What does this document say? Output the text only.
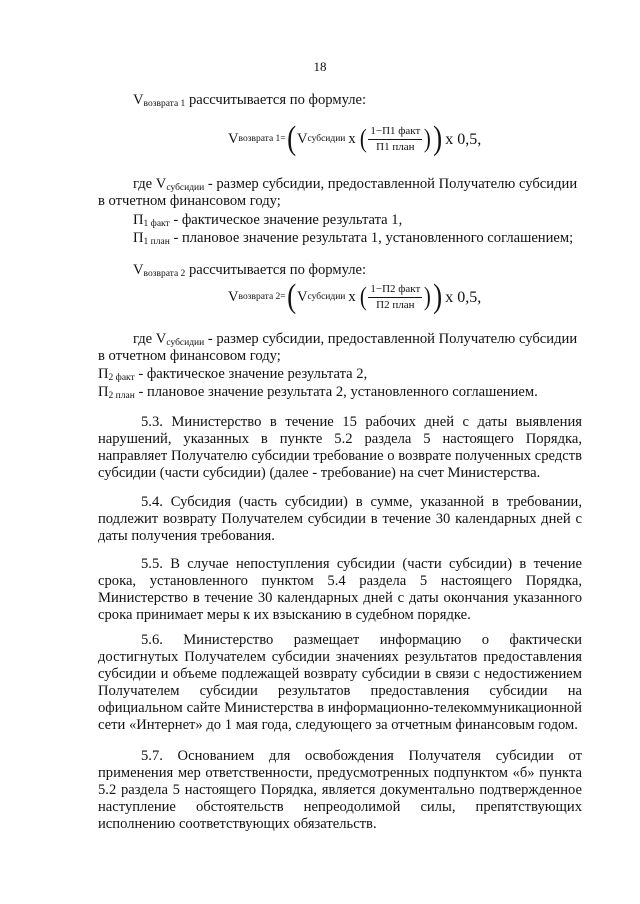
18
$V_{возврата 1}$ рассчитывается по формуле:
V возврата 1= ( V субсидии x ( $\frac{\text{1−П1 факт}}{\text{П1 план}}$ ) ) x 0,5,
где $V_{субсидии}$ - размер субсидии, предоставленной Получателю субсидии
в отчетном финансовом году;
$П_{1 факт}$ - фактическое значение результата 1,
$П_{1 план}$ - плановое значение результата 1, установленного соглашением;
$V_{возврата 2}$ рассчитывается по формуле:
V возврата 2= ( V субсидии x ( $\frac{\text{1−П2 факт}}{\text{П2 план}}$ ) ) x 0,5,
где $V_{субсидии}$ - размер субсидии, предоставленной Получателю субсидии
в отчетном финансовом году;
$П_{2 факт}$ - фактическое значение результата 2,
$П_{2 план}$ - плановое значение результата 2, установленного соглашением.
5.3. Министерство в течение 15 рабочих дней с даты выявления
нарушений, указанных в пункте 5.2 раздела 5 настоящего Порядка,
направляет Получателю субсидии требование о возврате полученных средств
субсидии (части субсидии) (далее - требование) на счет Министерства.
5.4. Субсидия (часть субсидии) в сумме, указанной в требовании,
подлежит возврату Получателем субсидии в течение 30 календарных дней с
даты получения требования.
5.5. В случае непоступления субсидии (части субсидии) в течение
срока, установленного пунктом 5.4 раздела 5 настоящего Порядка,
Министерство в течение 30 календарных дней с даты окончания указанного
срока принимает меры к их взысканию в судебном порядке.
5.6. Министерство размещает информацию о фактически
достигнутых Получателем субсидии значениях результатов предоставления
субсидии и объеме подлежащей возврату субсидии в связи с недостижением
Получателем субсидии результатов предоставления субсидии на
официальном сайте Министерства в информационно-телекоммуникационной
сети «Интернет» до 1 мая года, следующего за отчетным финансовым годом.
5.7. Основанием для освобождения Получателя субсидии от
применения мер ответственности, предусмотренных подпунктом «б» пункта
5.2 раздела 5 настоящего Порядка, является документально подтвержденное
наступление обстоятельств непреодолимой силы, препятствующих
исполнению соответствующих обязательств.
